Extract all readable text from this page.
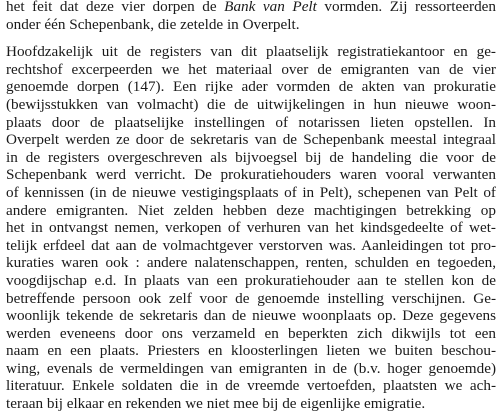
het feit dat deze vier dorpen de Bank van Pelt vormden. Zij ressorteerden
onder één Schepenbank, die zetelde in Overpelt.

Hoofdzakelijk uit de registers van dit plaatselijk registratiekantoor en ge-
rechtshof excerpeerden we het materiaal over de emigranten van de vier
genoemde dorpen (147). Een rijke ader vormden de akten van prokuratie
(bewijsstukken van volmacht) die de uitwijkelingen in hun nieuwe woon-
plaats door de plaatselijke instellingen of notarissen lieten opstellen. In
Overpelt werden ze door de sekretaris van de Schepenbank meestal integraal
in de registers overgeschreven als bijvoegsel bij de handeling die voor de
Schepenbank werd verricht. De prokuratiehouders waren vooral verwanten
of kennissen (in de nieuwe vestigingsplaats of in Pelt), schepenen van Pelt of
andere emigranten. Niet zelden hebben deze machtigingen betrekking op
het in ontvangst nemen, verkopen of verhuren van het kindsgedeelte of wet-
telijk erfdeel dat aan de volmachtgever verstorven was. Aanleidingen tot pro-
kuraties waren ook : andere nalatenschappen, renten, schulden en tegoeden,
voogdijschap e.d. In plaats van een prokuratiehouder aan te stellen kon de
betreffende persoon ook zelf voor de genoemde instelling verschijnen. Ge-
woonlijk tekende de sekretaris dan de nieuwe woonplaats op. Deze gegevens
werden eveneens door ons verzameld en beperkten zich dikwijls tot een
naam en een plaats. Priesters en kloosterlingen lieten we buiten beschou-
wing, evenals de vermeldingen van emigranten in de (b.v. hoger genoemde)
literatuur. Enkele soldaten die in de vreemde vertoefden, plaatsten we ach-
teraan bij elkaar en rekenden we niet mee bij de eigenlijke emigratie.
